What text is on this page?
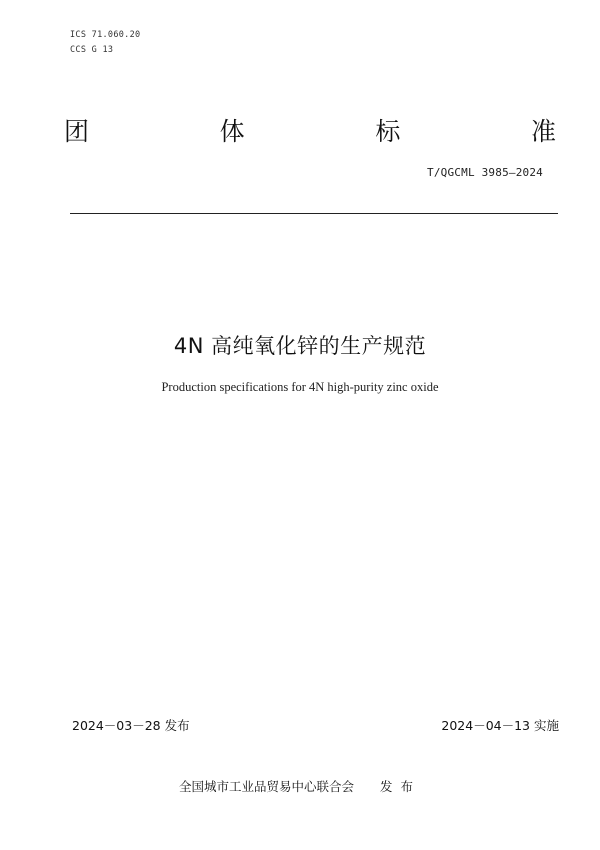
ICS 71.060.20
CCS G 13
团	体	标	准
T/QGCML 3985—2024
4N 高纯氧化锌的生产规范
Production specifications for 4N high-purity zinc oxide
2024－03－28 发布	2024－04－13 实施
全国城市工业品贸易中心联合会 发布
